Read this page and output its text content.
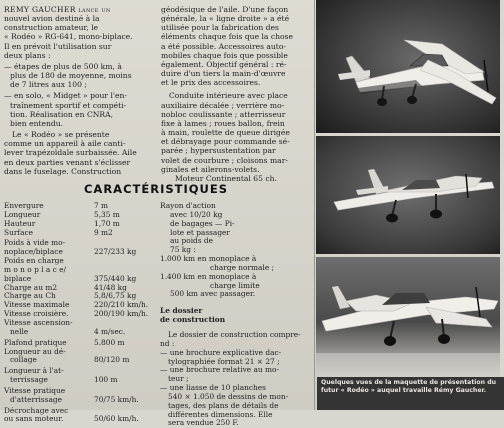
REMY GAUCHER lance un
nouvel avion destiné à la
construction amateur, le
« Rodéo » RG-641, mono-biplace.
Il en prévoit l'utilisation sur
deux plans :
— étapes de plus de 500 km, à
plus de 180 de moyenne, moins
de 7 litres aux 100 ;
— en solo, « Midget » pour l'en-
traînement sportif et compéti-
tion. Réalisation en CNRA,
bien entendu.
Le « Rodéo » se présente
comme un appareil à aile canti-
lever trapézoïdale surbaissée. Aile
en deux parties venant s'éclisser
dans le fuselage. Construction
géodésique de l'aile. D'une façon
générale, la « ligne droite » a été
utilisée pour la fabrication des
éléments chaque fois que la chose
a été possible. Accessoires auto-
mobiles chaque fois que possible
également. Objectif général : ré-
duire d'un tiers la main-d'œuvre
et le prix des accessoires.
Conduite intérieure avec place
auxiliaire décalée ; verrière mo-
nobloc coulissante ; atterrisseur
fixe à lames ; roues ballon, frein
à main, roulette de queue dirigée
et débrayage pour commande sé-
parée ; hypersustentation par
volet de courbure ; cloisons mar-
ginales et ailerons-volets.
Moteur Continental 65 ch.
CARACTÉRISTIQUES
Envergure	7 m
Longueur	5,35 m
Hauteur	1,70 m
Surface	9 m2
Poids à vide mo-
noplace/biplace	227/233 kg
Poids en charge
m o n o p l a c e/
biplace	375/440 kg
Charge au m2	41/48 kg
Charge au Ch	5,8/6,75 kg
Vitesse maximale	220/210 km/h.
Vitesse croisière.	200/190 km/h.
Vitesse ascension-
nelle	4 m/sec.
Plafond pratique	5.800 m
Longueur au dé-
collage	80/120 m
Longueur à l'at-
terrissage	100 m
Vitesse pratique
d'atterrissage	70/75 km/h.
Décrochage avec
ou sans moteur.	50/60 km/h.
Rayon d'action
avec 10/20 kg
de bagages — Pi-
lote et passager
au poids de
75 kg :
1.000 km en monoplace à
charge normale ;
1.400 km en monoplace à
charge limite
500 km avec passager.
Le dossier
de construction
Le dossier de construction compre-
nd :
— une brochure explicative dac-
tylographiée format 21 × 27 ;
— une brochure relative au mo-
teur ;
— une liasse de 10 planches
540 × 1.050 de dessins de mon-
tages, des plans de détails de
différentes dimensions. Elle
sera vendue 250 F.
Quelques vues de la maquette de présentation du futur « Rodéo » auquel travaille Rémy Gaucher.
